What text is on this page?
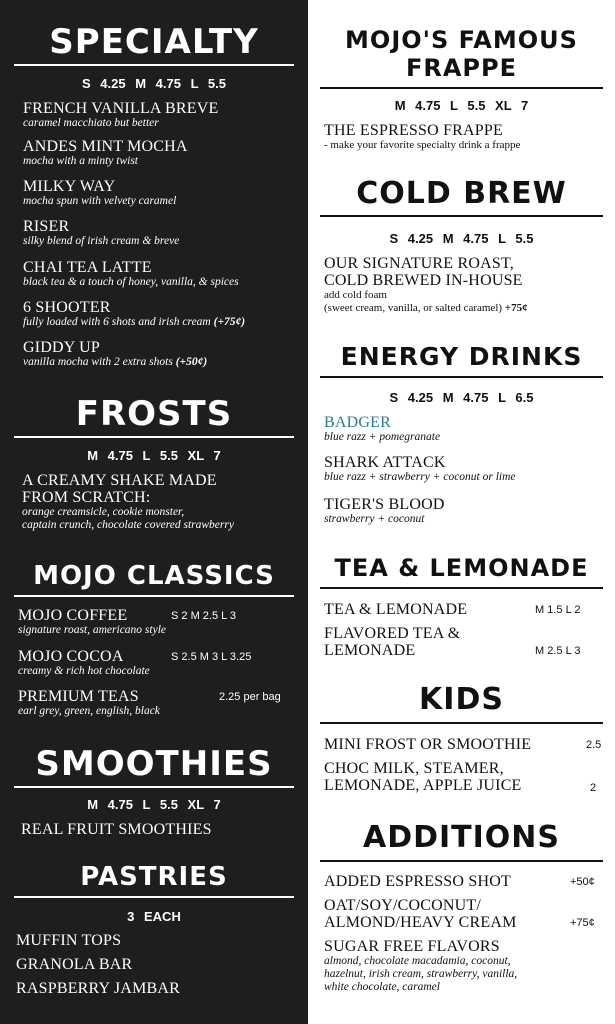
SPECIALTY
S 4.25 M 4.75 L 5.5
FRENCH VANILLA BREVE
caramel macchiato but better
ANDES MINT MOCHA
mocha with a minty twist
MILKY WAY
mocha spun with velvety caramel
RISER
silky blend of irish cream & breve
CHAI TEA LATTE
black tea & a touch of honey, vanilla, & spices
6 SHOOTER
fully loaded with 6 shots and irish cream (+75¢)
GIDDY UP
vanilla mocha with 2 extra shots (+50¢)
FROSTS
M 4.75 L 5.5 XL 7
A CREAMY SHAKE MADE
FROM SCRATCH:
orange creamsicle, cookie monster,
captain crunch, chocolate covered strawberry
MOJO CLASSICS
MOJO COFFEE
signature roast, americano style
S 2 M 2.5 L 3
MOJO COCOA
creamy & rich hot chocolate
S 2.5 M 3 L 3.25
PREMIUM TEAS
earl grey, green, english, black
2.25 per bag
SMOOTHIES
M 4.75 L 5.5 XL 7
REAL FRUIT SMOOTHIES
PASTRIES
3 EACH
MUFFIN TOPS
GRANOLA BAR
RASPBERRY JAMBAR
MOJO'S FAMOUS
FRAPPE
M 4.75 L 5.5 XL 7
THE ESPRESSO FRAPPE
- make your favorite specialty drink a frappe
COLD BREW
S 4.25 M 4.75 L 5.5
OUR SIGNATURE ROAST,
COLD BREWED IN-HOUSE
add cold foam
(sweet cream, vanilla, or salted caramel) +75¢
ENERGY DRINKS
S 4.25 M 4.75 L 6.5
BADGER
blue razz + pomegranate
SHARK ATTACK
blue razz + strawberry + coconut or lime
TIGER'S BLOOD
strawberry + coconut
TEA & LEMONADE
TEA & LEMONADE	M 1.5 L 2
FLAVORED TEA &
LEMONADE	M 2.5 L 3
KIDS
MINI FROST OR SMOOTHIE	2.5
CHOC MILK, STEAMER,
LEMONADE, APPLE JUICE	2
ADDITIONS
ADDED ESPRESSO SHOT	+50¢
OAT/SOY/COCONUT/
ALMOND/HEAVY CREAM	+75¢
SUGAR FREE FLAVORS
almond, chocolate macadamia, coconut,
hazelnut, irish cream, strawberry, vanilla,
white chocolate, caramel
